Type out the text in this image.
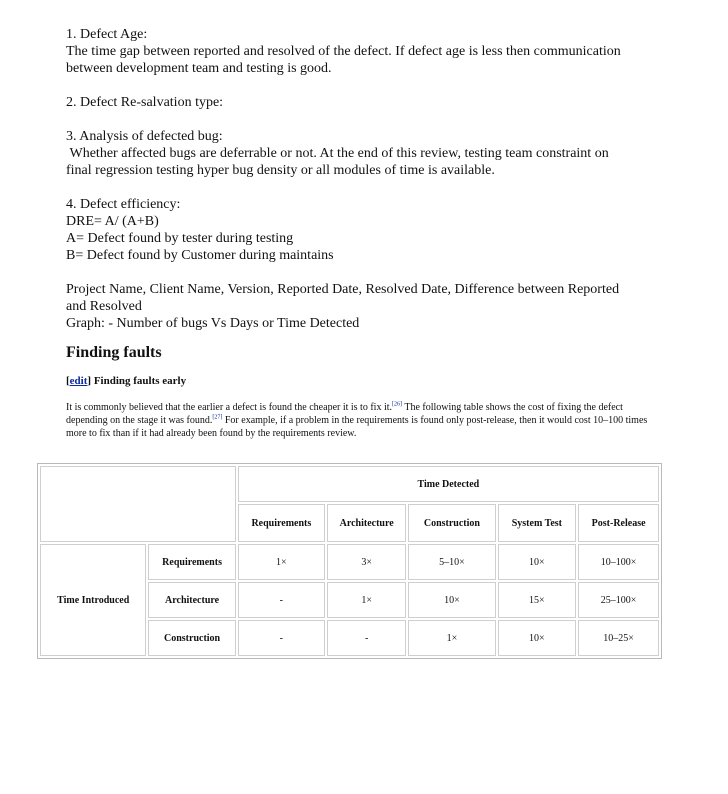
1. Defect Age:

The time gap between reported and resolved of the defect. If defect age is less then communication

between development team and testing is good.

2. Defect Re-salvation type:

3. Analysis of defected bug:

Whether affected bugs are deferrable or not. At the end of this review, testing team constraint on

final regression testing hyper bug density or all modules of time is available.

4. Defect efficiency:

DRE= A/ (A+B)

A= Defect found by tester during testing

B= Defect found by Customer during maintains

Project Name, Client Name, Version, Reported Date, Resolved Date, Difference between Reported

and Resolved

Graph: - Number of bugs Vs Days or Time Detected

Finding faults
[edit] Finding faults early
It is commonly believed that the earlier a defect is found the cheaper it is to fix it.[26] The following table shows the cost of fixing the defect depending on the stage it was found.[27] For example, if a problem in the requirements is found only post-release, then it would cost 10–100 times more to fix than if it had already been found by the requirements review.
		Time Detected				
		Requirements	Architecture	Construction	System Test	Post-Release
Time Introduced	Requirements	1×	3×	5–10×	10×	10–100×
	Architecture	-	1×	10×	15×	25–100×
	Construction	-	-	1×	10×	10–25×
